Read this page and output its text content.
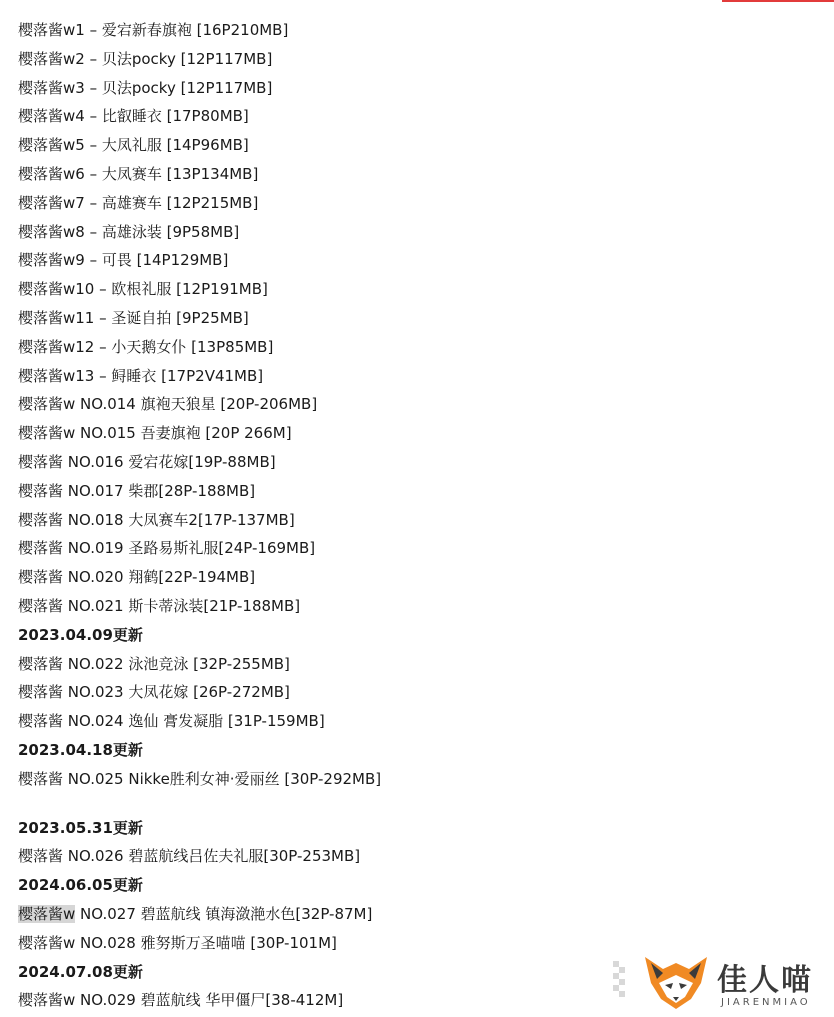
樱落酱w1 – 爱宕新春旗袍 [16P210MB]
樱落酱w2 – 贝法pocky [12P117MB]
樱落酱w3 – 贝法pocky [12P117MB]
樱落酱w4 – 比叡睡衣 [17P80MB]
樱落酱w5 – 大凤礼服 [14P96MB]
樱落酱w6 – 大凤赛车 [13P134MB]
樱落酱w7 – 高雄赛车 [12P215MB]
樱落酱w8 – 高雄泳装 [9P58MB]
樱落酱w9 – 可畏 [14P129MB]
樱落酱w10 – 欧根礼服 [12P191MB]
樱落酱w11 – 圣诞自拍 [9P25MB]
樱落酱w12 – 小天鹅女仆 [13P85MB]
樱落酱w13 – 鲟睡衣 [17P2V41MB]
樱落酱w NO.014 旗袍天狼星 [20P-206MB]
樱落酱w NO.015 吾妻旗袍 [20P 266M]
樱落酱 NO.016 爱宕花嫁[19P-88MB]
樱落酱 NO.017 柴郡[28P-188MB]
樱落酱 NO.018 大凤赛车2[17P-137MB]
樱落酱 NO.019 圣路易斯礼服[24P-169MB]
樱落酱 NO.020 翔鹤[22P-194MB]
樱落酱 NO.021 斯卡蒂泳装[21P-188MB]
2023.04.09更新
樱落酱 NO.022 泳池竞泳 [32P-255MB]
樱落酱 NO.023 大凤花嫁 [26P-272MB]
樱落酱 NO.024 逸仙 膏发凝脂 [31P-159MB]
2023.04.18更新
樱落酱 NO.025 Nikke胜利女神·爱丽丝 [30P-292MB]
2023.05.31更新
樱落酱 NO.026 碧蓝航线吕佐夫礼服[30P-253MB]
2024.06.05更新
樱落酱w NO.027 碧蓝航线 镇海潋滟水色[32P-87M]
樱落酱w NO.028 雅努斯万圣喵喵 [30P-101M]
2024.07.08更新
樱落酱w NO.029 碧蓝航线 华甲僵尸[38-412M]
佳人喵
JIARENMIAO
